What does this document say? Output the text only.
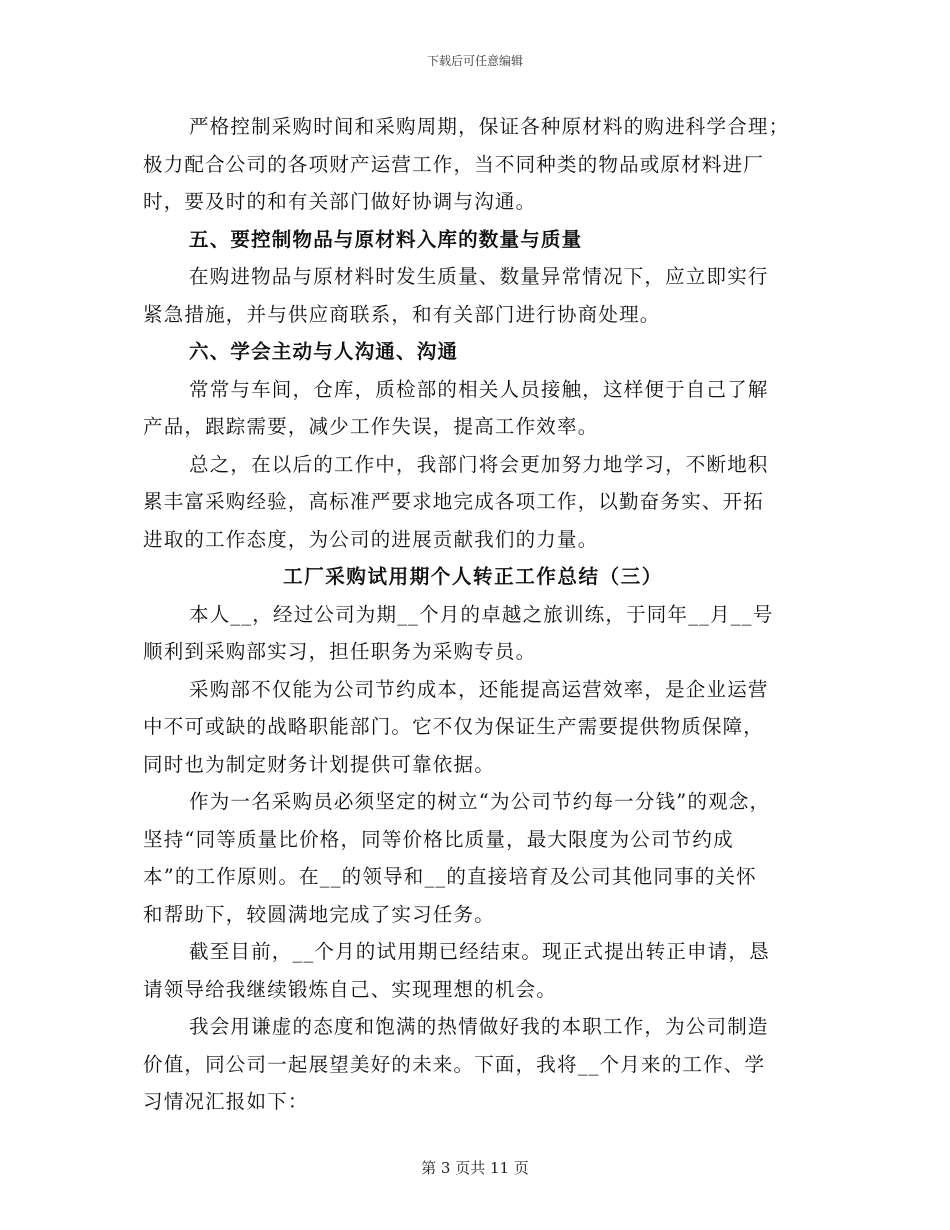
下载后可任意编辑
严格控制采购时间和采购周期，保证各种原材料的购进科学合理；
极力配合公司的各项财产运营工作，当不同种类的物品或原材料进厂
时，要及时的和有关部门做好协调与沟通。
五、要控制物品与原材料入库的数量与质量
在购进物品与原材料时发生质量、数量异常情况下，应立即实行
紧急措施，并与供应商联系，和有关部门进行协商处理。
六、学会主动与人沟通、沟通
常常与车间，仓库，质检部的相关人员接触，这样便于自己了解
产品，跟踪需要，减少工作失误，提高工作效率。
总之，在以后的工作中，我部门将会更加努力地学习，不断地积
累丰富采购经验，高标准严要求地完成各项工作，以勤奋务实、开拓
进取的工作态度，为公司的进展贡献我们的力量。
工厂采购试用期个人转正工作总结（三）
本人__，经过公司为期__个月的卓越之旅训练，于同年__月__号
顺利到采购部实习，担任职务为采购专员。
采购部不仅能为公司节约成本，还能提高运营效率，是企业运营
中不可或缺的战略职能部门。它不仅为保证生产需要提供物质保障，
同时也为制定财务计划提供可靠依据。
作为一名采购员必须坚定的树立“为公司节约每一分钱”的观念，
坚持“同等质量比价格，同等价格比质量，最大限度为公司节约成
本”的工作原则。在__的领导和__的直接培育及公司其他同事的关怀
和帮助下，较圆满地完成了实习任务。
截至目前，__个月的试用期已经结束。现正式提出转正申请，恳
请领导给我继续锻炼自己、实现理想的机会。
我会用谦虚的态度和饱满的热情做好我的本职工作，为公司制造
价值，同公司一起展望美好的未来。下面，我将__个月来的工作、学
习情况汇报如下：
第 3 页共 11 页
